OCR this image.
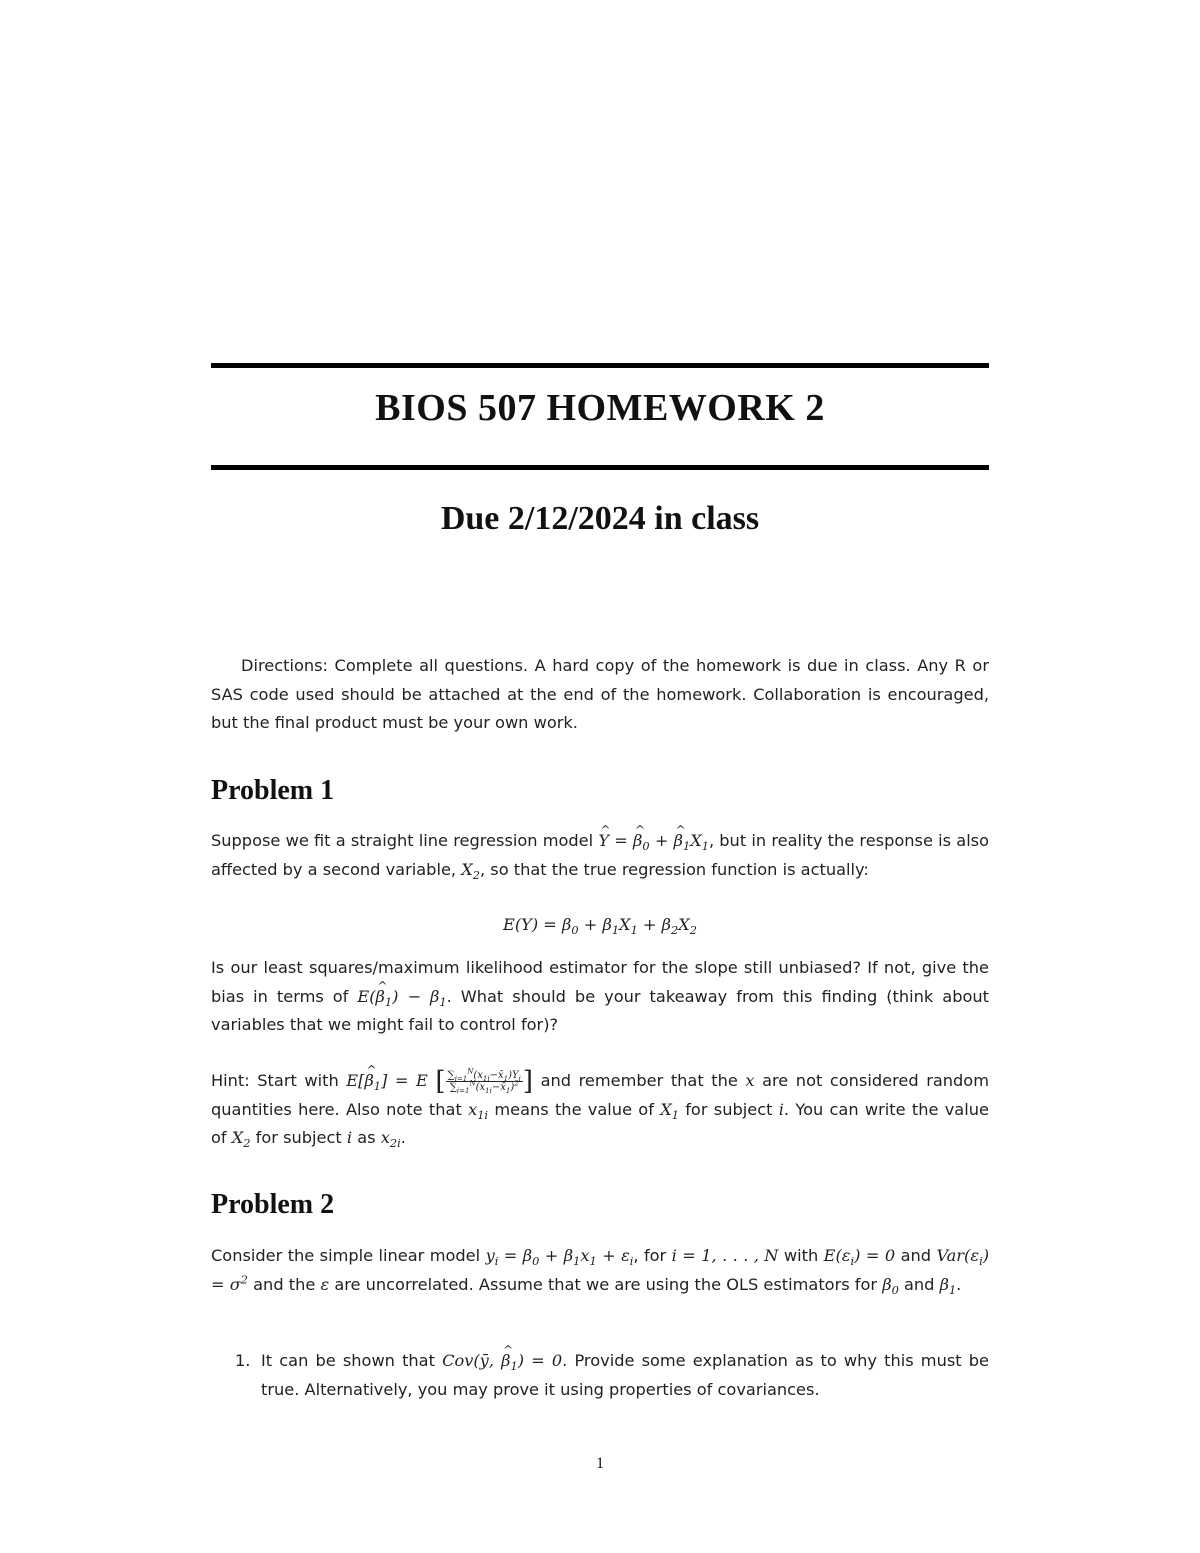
BIOS 507 HOMEWORK 2
Due 2/12/2024 in class
Directions: Complete all questions. A hard copy of the homework is due in class. Any R or SAS code used should be attached at the end of the homework. Collaboration is encouraged, but the final product must be your own work.
Problem 1
Suppose we fit a straight line regression model ^ Y = ^ $\beta_0$ + ^ $\beta_1X_1$, but in reality the response is also affected by a second variable, $X_2$, so that the true regression function is actually:
$E(Y) = \beta_0 + \beta_1X_1 + \beta_2X_2$
Is our least squares/maximum likelihood estimator for the slope still unbiased? If not, give the bias in terms of E(^ $\beta_1) - \beta_1$. What should be your takeaway from this finding (think about variables that we might fail to control for)?
Hint: Start with E[^ $\beta_1] = E$ [ $\frac{\sum_{i=1}^N(x_{1i}-x̄_1)Y_i}{\sum_{i=1}^N(x_{1i}-x̄_1)^2}$ ] and remember that the x are not considered random quantities here. Also note that $x_{1i}$ means the value of $X_1$ for subject i. You can write the value of $X_2$ for subject i as $x_{2i}$.
Problem 2
Consider the simple linear model $y_i = \beta_0 + \beta_1x_1 + \varepsilon_i$, for i = 1, . . . , N with $E(\varepsilon_i) = 0$ and $Var(\varepsilon_i) = \sigma^2$ and the ε are uncorrelated. Assume that we are using the OLS estimators for $\beta_0$ and $\beta_1$.
1. It can be shown that Cov(ȳ, ^ $\beta_1) = 0$. Provide some explanation as to why this must be true. Alternatively, you may prove it using properties of covariances.
1
